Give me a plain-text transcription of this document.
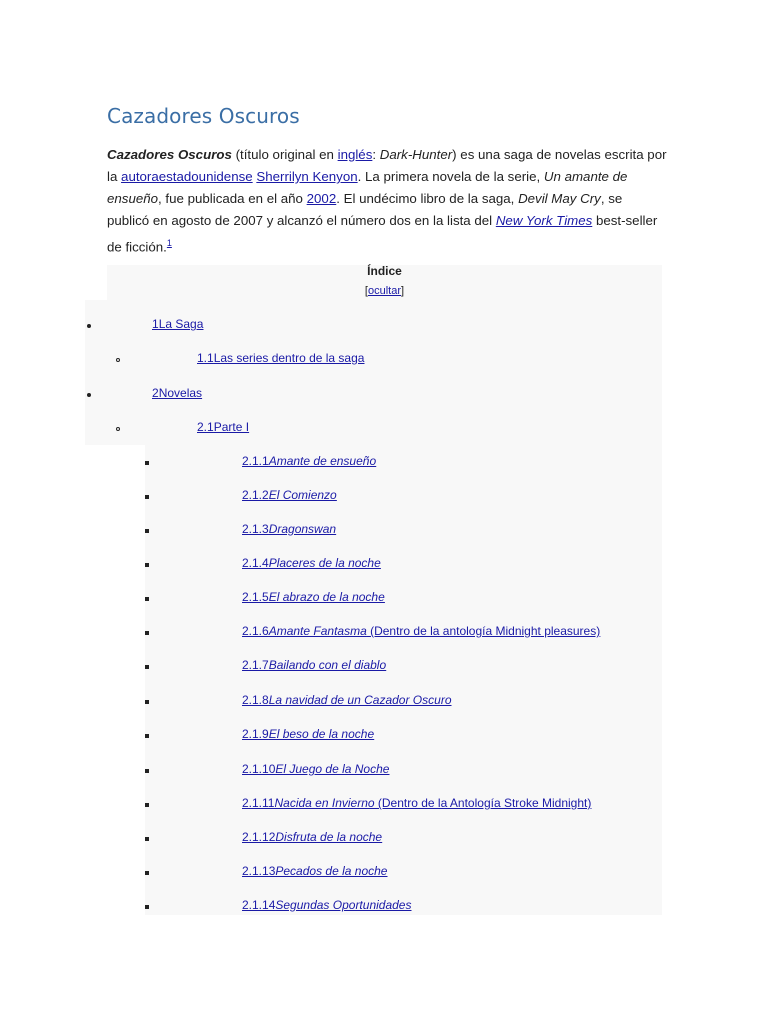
Cazadores Oscuros

Cazadores Oscuros (título original en inglés: Dark-Hunter) es una saga de novelas escrita por la autoraestadounidense Sherrilyn Kenyon. La primera novela de la serie, Un amante de ensueño, fue publicada en el año 2002. El undécimo libro de la saga, Devil May Cry, se publicó en agosto de 2007 y alcanzó el número dos en la lista del New York Times best-seller de ficción.$^1$

Índice
[ocultar]
1La Saga
1.1Las series dentro de la saga
2Novelas
2.1Parte I
2.1.1Amante de ensueño
2.1.2El Comienzo
2.1.3Dragonswan
2.1.4Placeres de la noche
2.1.5El abrazo de la noche
2.1.6Amante Fantasma (Dentro de la antología Midnight pleasures)
2.1.7Bailando con el diablo
2.1.8La navidad de un Cazador Oscuro
2.1.9El beso de la noche
2.1.10El Juego de la Noche
2.1.11Nacida en Invierno (Dentro de la Antología Stroke Midnight)
2.1.12Disfruta de la noche
2.1.13Pecados de la noche
2.1.14Segundas Oportunidades
